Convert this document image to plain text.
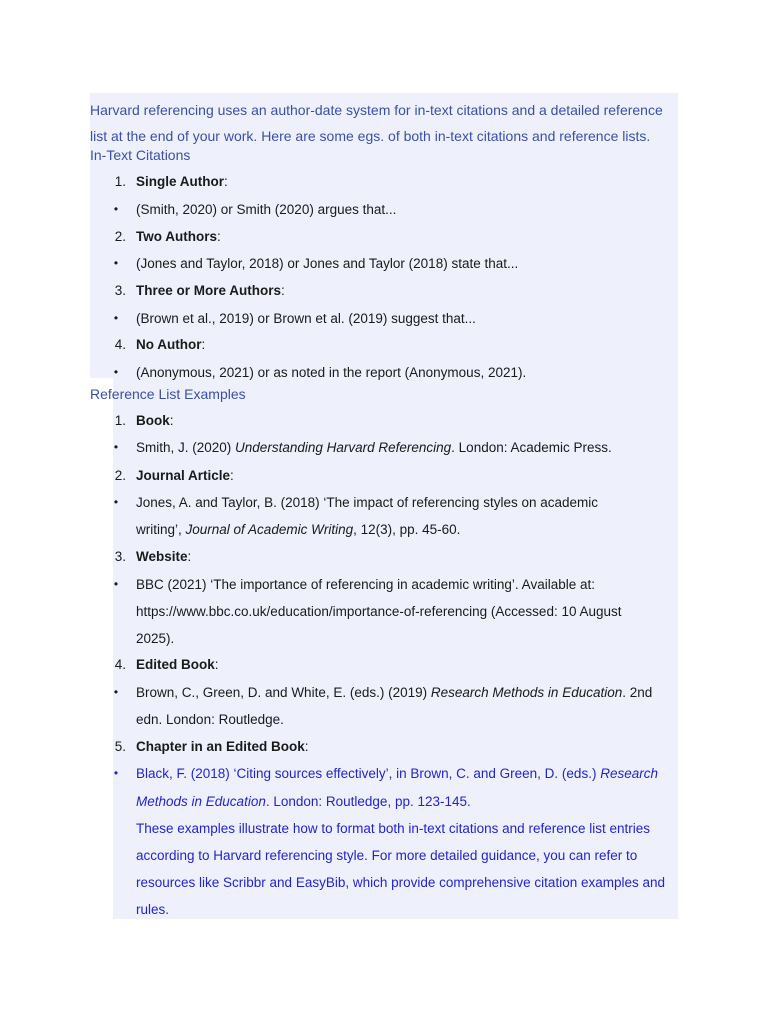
Harvard referencing uses an author-date system for in-text citations and a detailed reference list at the end of your work. Here are some egs. of both in-text citations and reference lists.

In-Text Citations

1. Single Author:
• (Smith, 2020) or Smith (2020) argues that...
2. Two Authors:
• (Jones and Taylor, 2018) or Jones and Taylor (2018) state that...
3. Three or More Authors:
• (Brown et al., 2019) or Brown et al. (2019) suggest that...
4. No Author:
• (Anonymous, 2021) or as noted in the report (Anonymous, 2021).

Reference List Examples

1. Book:
• Smith, J. (2020) Understanding Harvard Referencing. London: Academic Press.
2. Journal Article:
• Jones, A. and Taylor, B. (2018) ‘The impact of referencing styles on academic
writing’, Journal of Academic Writing, 12(3), pp. 45-60.
3. Website:
• BBC (2021) ‘The importance of referencing in academic writing’. Available at:
https://www.bbc.co.uk/education/importance-of-referencing (Accessed: 10 August
2025).
4. Edited Book:
• Brown, C., Green, D. and White, E. (eds.) (2019) Research Methods in Education. 2nd
edn. London: Routledge.
5. Chapter in an Edited Book:
• Black, F. (2018) ‘Citing sources effectively’, in Brown, C. and Green, D. (eds.) Research
Methods in Education. London: Routledge, pp. 123-145.
These examples illustrate how to format both in-text citations and reference list entries
according to Harvard referencing style. For more detailed guidance, you can refer to
resources like Scribbr and EasyBib, which provide comprehensive citation examples and
rules.
